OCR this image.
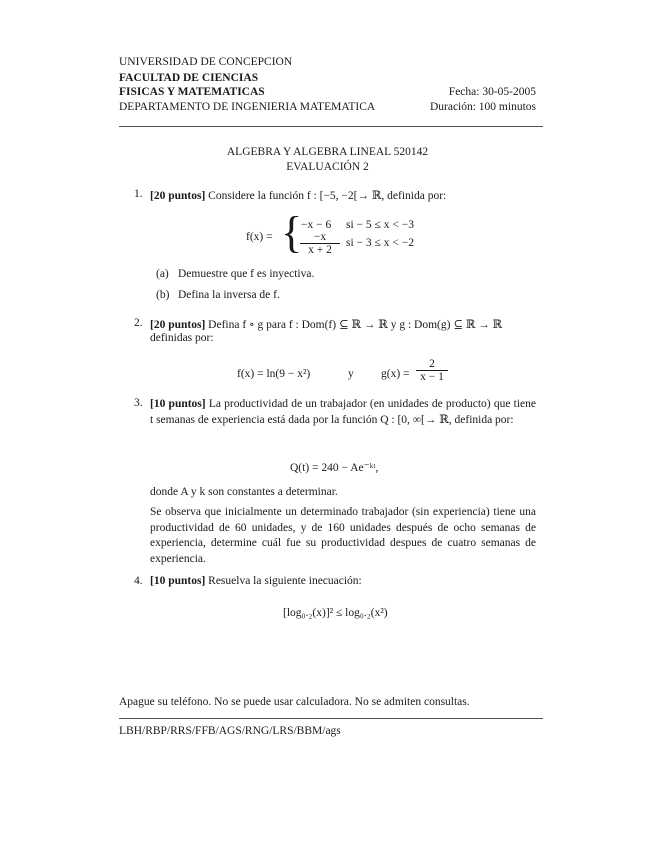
UNIVERSIDAD DE CONCEPCION
FACULTAD DE CIENCIAS
FISICAS Y MATEMATICAS	Fecha: 30-05-2005
DEPARTAMENTO DE INGENIERIA MATEMATICA	Duración: 100 minutos
ALGEBRA Y ALGEBRA LINEAL 520142
EVALUACIÓN 2
1. [20 puntos] Considere la función f : [−5, −2[→ ℝ, definida por:
f(x) = {
−x − 6 si − 5 ≤ x < −3
$\frac{-x}{x + 2}$ si − 3 ≤ x < −2
(a) Demuestre que f es inyectiva.
(b) Defina la inversa de f.
2. [20 puntos] Defina f ∘ g para f : Dom(f) ⊆ ℝ → ℝ y g : Dom(g) ⊆ ℝ → ℝ
definidas por:
f(x) = ln(9 − x²)	y $g(x) = \frac{2}{x - 1}$
3. [10 puntos] La productividad de un trabajador (en unidades de producto) que tiene t semanas de experiencia está dada por la función Q : [0, ∞[→ ℝ, definida por:
Q(t) = 240 − Ae⁻ᵏᵗ,
donde A y k son constantes a determinar.
Se observa que inicialmente un determinado trabajador (sin experiencia) tiene una productividad de 60 unidades, y de 160 unidades después de ocho semanas de experiencia, determine cuál fue su productividad despues de cuatro semanas de experiencia.
4. [10 puntos] Resuelva la siguiente inecuación:
[log₀.₂(x)]² ≤ log₀.₂(x²)
Apague su teléfono. No se puede usar calculadora. No se admiten consultas.
LBH/RBP/RRS/FFB/AGS/RNG/LRS/BBM/ags
